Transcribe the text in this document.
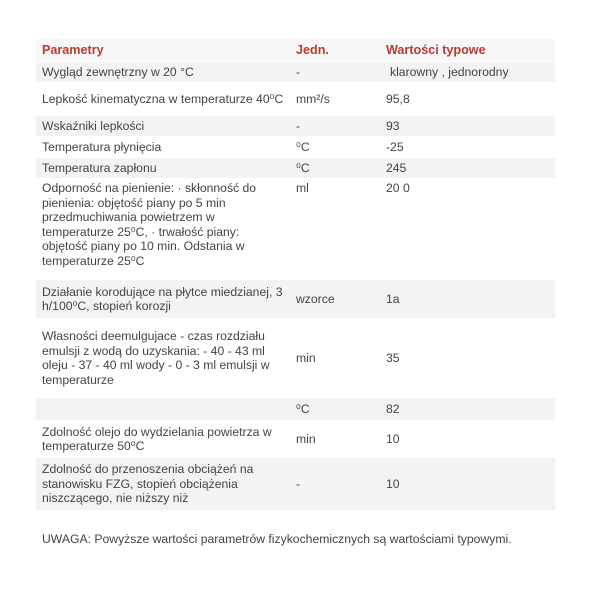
Parametry	Jedn.	Wartości typowe
Wygląd zewnętrzny w 20 °C	-	klarowny , jednorodny
Lepkość kinematyczna w temperaturze 40⁰C	mm²/s	95,8
Wskaźniki lepkości	-	93
Temperatura płynięcia	⁰C	-25
Temperatura zapłonu	⁰C	245
Odporność na pienienie: · skłonność do pienienia: objętość piany po 5 min przedmuchiwania powietrzem w temperaturze 25⁰C, · trwałość piany: objętość piany po 10 min. Odstania w temperaturze 25⁰C	ml	20 0
Działanie korodujące na płytce miedzianej, 3 h/100⁰C, stopień korozji	wzorce	1a
Własności deemulgujace - czas rozdziału emulsji z wodą do uzyskania: - 40 - 43 ml oleju - 37 - 40 ml wody - 0 - 3 ml emulsji w temperaturze	min	35
	⁰C	82
Zdolność olejo do wydzielania powietrza w temperaturze 50⁰C	min	10
Zdolność do przenoszenia obciążeń na stanowisku FZG, stopień obciążenia niszczącego, nie niższy niż	-	10
UWAGA: Powyższe wartości parametrów fizykochemicznych są wartościami typowymi.
